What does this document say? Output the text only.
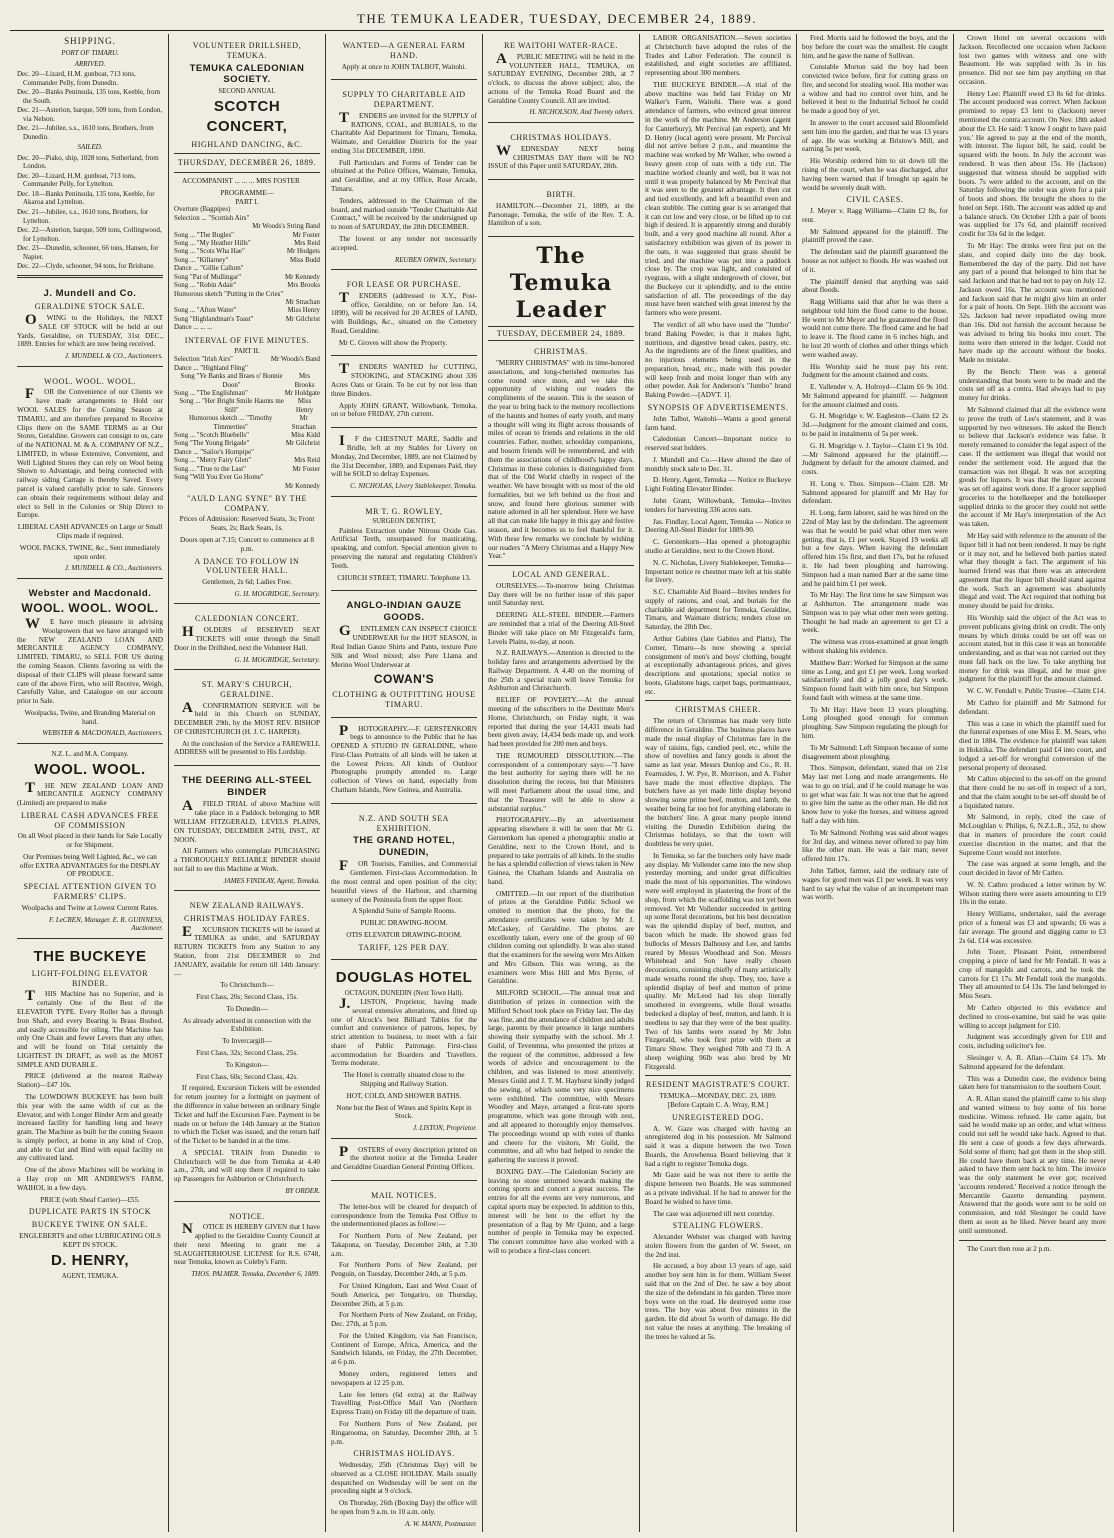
THE TEMUKA LEADER, TUESDAY, DECEMBER 24, 1889.
SHIPPING.
PORT OF TIMARU.
ARRIVED.
Dec. 20—Lizard, H.M. gunboat, 713 tons, Commander Pelly, from Dunedin.
Dec. 20—Banks Peninsula, 135 tons, Keeble, from the South.
Dec. 21—Asterion, barque, 509 tons, from London, via Nelson.
Dec. 21—Jubilee, s.s., 1610 tons, Brothers, from Dunedin.
SAILED.
Dec. 20—Piako, ship, 1028 tons, Sutherland, from London.
Dec. 20—Lizard, H.M. gunboat, 713 tons, Commander Pelly, for Lyttelton.
Dec. 18—Banks Peninsula, 135 tons, Keeble, for Akaroa and Lyttelton.
Dec. 21—Jubilee, s.s., 1610 tons, Brothers, for Lyttelton.
Dec. 22—Asterion, barque, 509 tons, Collingwood, for Lyttelton.
Dec. 23—Dunedin, schooner, 66 tons, Hansen, for Napier.
Dec. 22—Clyde, schooner, 94 tons, for Brisbane.
J. Mundell and Co.
GERALDINE STOCK SALE.

OWING to the Holidays, the NEXT SALE OF STOCK will be held at our Yards, Geraldine, on TUESDAY, 31st DEC., 1889. Entries for which are now being received.

J. MUNDELL & CO., Auctioneers.
WOOL. WOOL. WOOL.

FOR the Convenience of our Clients we have made arrangements to Hold our WOOL SALES for the Coming Season at TIMARU, and are therefore prepared to Receive Clips there on the SAME TERMS as at Our Stores, Geraldine. Growers can consign to us, care of the NATIONAL M. & A. COMPANY OF N.Z., LIMITED, in whose Extensive, Convenient, and Well Lighted Stores they can rely on Wool being Shown to Advantage, and being connected with railway siding Cartage is thereby Saved. Every parcel is valued carefully prior to sale. Growers can obtain their requirements without delay and elect to Sell in the Colonies or Ship Direct to Europe.

LIBERAL CASH ADVANCES on Large or Small Clips made if required.

WOOL PACKS, TWINE, &c., Sent immediately upon order.

J. MUNDELL & CO., Auctioneers.
Webster and Macdonald.
WOOL. WOOL. WOOL.

WE have much pleasure in advising Woolgrowers that we have arranged with the NEW ZEALAND LOAN AND MERCANTILE AGENCY COMPANY, LIMITED, TIMARU, to SELL FOR US during the coming Season. Clients favoring us with the disposal of their CLIPS will please forward same care of the above Firm, who will Receive, Weigh, Carefully Value, and Catalogue on our account prior to Sale.

Woolpacks, Twine, and Branding Material on hand.

WEBSTER & MACDONALD, Auctioneers.
N.Z. L. and M.A. Company.
WOOL. WOOL.

THE NEW ZEALAND LOAN AND MERCANTILE AGENCY COMPANY (Limited) are prepared to make

LIBERAL CASH ADVANCES FREE OF COMMISSION

On all Wool placed in their hands for Sale Locally or for Shipment.

Our Premises being Well Lighted, &c., we can offer EXTRA ADVANTAGES for the DISPLAY OF PRODUCE.

SPECIAL ATTENTION GIVEN TO FARMERS' CLIPS.

Woolpacks and Twine at Lowest Current Rates.

F. LeCREN, Manager. E. R. GUINNESS, Auctioneer.
THE BUCKEYE
LIGHT-FOLDING ELEVATOR BINDER.

THIS Machine has no Superior, and is certainly One of the Best of the ELEVATOR TYPE. Every Roller has a through Iron Shaft, and every Bearing is Brass Bushed, and easily accessible for oiling. The Machine has only One Chain and fewer Levers than any other, and will be found on Trial certainly the LIGHTEST IN DRAFT, as well as the MOST SIMPLE AND DURABLE.

PRICE (delivered at the nearest Railway Station)—£47 10s.

The LOWDOWN BUCKEYE has been built this year with the same width of cut as the Elevator, and with Longer Binder Arm and greatly increased facility for handling long and heavy grain. The Machine as built for the coming Season is simply perfect, at home in any kind of Crop, and able to Cut and Bind with equal facility on any cultivated land.

One of the above Machines will be working in a Hay crop on MR ANDREWS'S FARM, WAIHOI, in a few days.

PRICE (with Sheaf Carrier)—£55.

DUPLICATE PARTS IN STOCK
BUCKEYE TWINE ON SALE.

ENGLEBERTS and other LUBRICATING OILS KEPT IN STOCK.

D. HENRY,
AGENT, TEMUKA.
VOLUNTEER DRILLSHED, TEMUKA.
TEMUKA CALEDONIAN SOCIETY.
SECOND ANNUAL
SCOTCH
CONCERT,
HIGHLAND DANCING, &C.
THURSDAY, DECEMBER 26, 1889.

ACCOMPANIST ... ... ... MRS FOSTER

PROGRAMME—
PART I.
Overture (Bagpipes)
Selection ... "Scottish Airs"
Mr Woods's String Band
Song ... "The Bugles"	Mr Foster
Song ... "My Heather Hills"	Mrs Reid
Song ... "Scots Wha Hae"	Mr Hodgets
Song ... "Killarney"	Miss Budd
Dance ... "Gillie Callum"
Song "Pat of Mullingar"	Mr Kennedy
Song ... "Robin Adair"	Mrs Brooks
Humorous sketch "Putting in the Cries"
Mr Strachan
Song ... "Afton Water"	Miss Henry
Song "Highlandman's Toast"	Mr Gilchrist
Dance ... ... ...
INTERVAL OF FIVE MINUTES.
PART II.
Selection "Irish Airs"	Mr Woods's Band
Dance ... "Highland Fling"
Song "Ye Banks and Braes o' Bonnie Doon"
Mrs Brooks
Song ... "The Englishman"	Mr Holdgate
Song ... "Her Bright Smile Haunts me Still"
Miss Henry
Humorous sketch ... "Timothy Timmerties"
Mr Strachan
Song ... "Scotch Bluebells"	Miss Kidd
Song "The Young Brigade"	Mr Gilchrist
Dance ... "Sailor's Hornpipe"
Song ... "Merry Fairy Glen"	Mrs Reid
Song ... "True to the Last"	Mr Foster
Song "Will You Ever Go Home"
Mr Kennedy
"AULD LANG SYNE" BY THE COMPANY.

Prices of Admission: Reserved Seats, 3s; Front Seats, 2s; Back Seats, 1s.

Doors open at 7.15; Concert to commence at 8 p.m.

A DANCE TO FOLLOW IN VOLUNTEER HALL.

Gentlemen, 2s 6d; Ladies Free.

G. H. MOGRIDGE, Secretary.
CALEDONIAN CONCERT.

HOLDERS of RESERVED SEAT TICKETS will enter through the Small Door in the Drillshed, next the Volunteer Hall.

G. H. MOGRIDGE, Secretary.
ST. MARY'S CHURCH, GERALDINE.

ACONFIRMATION SERVICE will be held in this Church on SUNDAY, DECEMBER 29th, by the MOST REV. BISHOP OF CHRISTCHURCH (H. J. C. HARPER).

At the conclusion of the Service a FAREWELL ADDRESS will be presented to His Lordship.

THE DEERING ALL-STEEL BINDER

AFIELD TRIAL of above Machine will take place in a Paddock belonging to MR WILLIAM FITZGERALD, LEVELS PLAINS, ON TUESDAY, DECEMBER 24TH, INST., AT NOON.

All Farmers who contemplate PURCHASING a THOROUGHLY RELIABLE BINDER should not fail to see this Machine at Work.

JAMES FINDLAY, Agent, Temuka.
NEW ZEALAND RAILWAYS.
CHRISTMAS HOLIDAY FARES.

EXCURSION TICKETS will be issued at TEMUKA as under, and SATURDAY RETURN TICKETS from any Station to any Station, from 21st DECEMBER to 2nd JANUARY, available for return till 14th January:—

To Christchurch—

First Class, 20s; Second Class, 15s.

To Dunedin—

As already advertised in connection with the Exhibition.

To Invercargill—

First Class, 32s; Second Class, 25s.

To Kingston—

First Class, 60s; Second Class, 42s.

If required, Excursion Tickets will be extended for return journey for a fortnight on payment of the difference in value between an ordinary Single Ticket and half the Excursion Fare. Payment to be made on or before the 14th January at the Station to which the Ticket was issued, and the return half of the Ticket to be handed in at the time.

A SPECIAL TRAIN from Dunedin to Christchurch will be due from Temuka at 4.40 a.m., 27th, and will stop there if required to take up Passengers for Ashburton or Christchurch.

BY ORDER.
NOTICE.

NOTICE IS HEREBY GIVEN that I have applied to the Geraldine County Council at their next Meeting to grant me a SLAUGHTERHOUSE LICENSE for R.S. 6748, near Temuka, known as Coleby's Farm.

THOS. PALMER. Temuka, December 6, 1889.
WANTED—A GENERAL FARM HAND.

Apply at once to JOHN TALBOT, Waitohi.

SUPPLY TO CHARITABLE AID DEPARTMENT.

TENDERS are invited for the SUPPLY of RATIONS, COAL, and BURIALS, to the Charitable Aid Department for Timaru, Temuka, Waimate, and Geraldine Districts for the year ending 31st DECEMBER, 1890.

Full Particulars and Forms of Tender can be obtained at the Police Offices, Waimate, Temuka, and Geraldine, and at my Office, Rose Arcade, Timaru.

Tenders, addressed to the Chairman of the board, and marked outside "Tender Charitable Aid Contract," will be received by the undersigned up to noon of SATURDAY, the 28th DECEMBER.

The lowest or any tender not necessarily accepted.

REUBEN ORWIN, Secretary.
FOR LEASE OR PURCHASE.

TENDERS (addressed to X.Y., Post-office, Geraldine, on or before Jan. 14, 1890), will be received for 20 ACRES of LAND, with Buildings, &c., situated on the Cemetery Road, Geraldine.

Mr C. Groves will show the Property.

TENDERS WANTED for CUTTING, STOOKING, and STACKING about 336 Acres Oats or Grain. To be cut by not less than three Binders.

Apply JOHN GRANT, Willowbank, Temuka, on or before FRIDAY, 27th current.

IF the CHESTNUT MARE, Saddle and Bridle, left at my Stables for Livery on Monday, 2nd December, 1889, are not Claimed by the 31st December, 1889, and Expenses Paid, they will be SOLD to defray Expenses.

C. NICHOLAS, Livery Stablekeeper, Temuka.
MR T. G. ROWLEY,
SURGEON DENTIST,

Painless Extraction under Nitrous Oxide Gas. Artificial Teeth, unsurpassed for masticating, speaking, and comfort. Special attention given to preserving the natural and regulating Children's Teeth.

CHURCH STREET, TIMARU. Telephone 13.

ANGLO-INDIAN GAUZE GOODS.

GENTLEMEN CAN INSPECT CHOICE UNDERWEAR for the HOT SEASON, in Real Indian Gauze Shirts and Pants, texture Pure Silk and Wool mixed; also Pure Llama and Merino Wool Underwear at

COWAN'S
CLOTHING & OUTFITTING HOUSE TIMARU.

PHOTOGRAPHY.—F. GERSTENKORN begs to announce to the Public that he has OPENED A STUDIO IN GERALDINE, where First-Class Portraits of all kinds will be taken at the Lowest Prices. All kinds of Outdoor Photographs promptly attended to. Large collection of Views on hand, especially from Chatham Islands, New Guinea, and Australia.

N.Z. AND SOUTH SEA EXHIBITION.
THE GRAND HOTEL, DUNEDIN,

FOR Tourists, Families, and Commercial Gentlemen. First-class Accommodation. In the most central and open position of the city; beautiful views of the Harbour, and charming scenery of the Peninsula from the upper floor.

A Splendid Suite of Sample Rooms.

PUBLIC DRAWING-ROOM.

OTIS ELEVATOR DRAWING-ROOM.

TARIFF, 12S PER DAY.
DOUGLAS HOTEL
OCTAGON, DUNEDIN (Next Town Hall).

J.LISTON, Proprietor, having made several extensive alterations, and fitted up one of Alcock's best Billiard Tables for the comfort and convenience of patrons, hopes, by strict attention to business, to meet with a fair share of Public Patronage. First-class accommodation for Boarders and Travellers. Terms moderate.

The Hotel is centrally situated close to the Shipping and Railway Station.

HOT, COLD, AND SHOWER BATHS.

None but the Best of Wines and Spirits Kept in Stock.

J. LISTON, Proprietor.

POSTERS of every description printed on the shortest notice at the Temuka Leader and Geraldine Guardian General Printing Offices.

MAIL NOTICES.

The letter-box will be cleared for despatch of correspondence from the Temuka Post Office to the undermentioned places as follow:—

For Northern Ports of New Zealand, per Takapuna, on Tuesday, December 24th, at 7.30 a.m.

For Northern Ports of New Zealand, per Penguin, on Tuesday, December 24th, at 5 p.m.

For United Kingdom, East and West Coast of South America, per Tongariro, on Thursday, December 26th, at 5 p.m.

For Northern Ports of New Zealand, on Friday, Dec. 27th, at 5 p.m.

For the United Kingdom, via San Francisco, Continent of Europe, Africa, America, and the Sandwich Islands, on Friday, the 27th December, at 6 p.m.

Money orders, registered letters and newspapers at 12 25 p.m.

Late fee letters (6d extra) at the Railway Travelling Post-Office Mail Van (Northern Express Train) on Friday till the departure of train.

For Northern Ports of New Zealand, per Ringarooma, on Saturday, December 28th, at 5 p.m.

CHRISTMAS HOLIDAYS.

Wednesday, 25th (Christmas Day) will be observed as a CLOSE HOLIDAY. Mails usually despatched on Wednesday will be sent on the preceding night at 9 o'clock.

On Thursday, 26th (Boxing Day) the office will be open from 9 a.m. to 10 a.m. only.

A. W. MANN, Postmaster.
RE WAITOHI WATER-RACE.

APUBLIC MEETING will be held in the VOLUNTEER HALL, TEMUKA, on SATURDAY EVENING, December 28th, at 7 o'clock, to discuss the above subject; also, the actions of the Temuka Road Board and the Geraldine County Council. All are invited.

H. NICHOLSON, And Twenty others.
CHRISTMAS HOLIDAYS.

WEDNESDAY NEXT being CHRISTMAS DAY there will be NO ISSUE of this Paper until SATURDAY, 28th.

BIRTH.

HAMILTON.—December 21, 1889, at the Parsonage, Temuka, the wife of the Rev. T. A. Hamilton of a son.

The Temuka Leader
TUESDAY, DECEMBER 24, 1889.
CHRISTMAS.

"MERRY CHRISTMAS" with its time-honored associations, and long-cherished memories has come round once more, and we take this opportunity of wishing our readers the compliments of the season. This is the season of the year to bring back to the memory recollections of the haunts and homes of early youth, and many a thought will wing its flight across thousands of miles of ocean to friends and relations in the old countries. Father, mother, schoolday companions, and bosom friends will be remembered, and with them the associations of childhood's happy days. Christmas in these colonies is distinguished from that of the Old World chiefly in respect of the weather. We have brought with us most of the old formalities, but we left behind us the frost and snow, and found here glorious summer with nature adorned in all her splendour. Here we have all that can make life happy in this gay and festive season, and it becomes us to feel thankful for it. With these few remarks we conclude by wishing our readers "A Merry Christmas and a Happy New Year."

LOCAL AND GENERAL.

OURSELVES.—To-morrow being Christmas Day there will be no further issue of this paper until Saturday next.

DEERING ALL-STEEL BINDER.—Farmers are reminded that a trial of the Deering All-Steel Binder will take place on Mr Fitzgerald's farm, Levels Plains, to-day, at noon.

N.Z. RAILWAYS.—Attention is directed to the holiday fares and arrangements advertised by the Railway Department. A 4.40 on the morning of the 25th a special train will leave Temuka for Ashburton and Christchurch.

RELIEF OF POVERTY.—At the annual meeting of the subscribers to the Destitute Men's Home, Christchurch, on Friday night, it was reported that during the year 14,431 meals had been given away, 14,434 beds made up, and work had been provided for 200 men and boys.

THE RUMOURED DISSOLUTION.—The correspondent of a contemporary says:—"I have the best authority for saying there will be no dissolution during the recess, but that Ministers will meet Parliament about the usual time, and that the Treasurer will be able to show a substantial surplus."

PHOTOGRAPHY.—By an advertisement appearing elsewhere it will be seen that Mr G. Gerstenkorn has opened a photographic studio at Geraldine, next to the Crown Hotel, and is prepared to take portraits of all kinds. In the studio he has a splendid collection of views taken in New Guinea, the Chatham Islands and Australia on hand.

OMITTED.—In our report of the distribution of prizes at the Geraldine Public School we omitted to mention that the photo, for the attendance certificates were taken by Mr J. McCaskey, of Geraldine. The photos. are excellently taken, every one of the group of 60 children coming out splendidly. It was also stated that the examiners for the sewing were Mrs Aitken and Mrs Gibson. This was wrong, as the examiners were Miss Hill and Mrs Byrne, of Geraldine.

MILFORD SCHOOL.—The annual treat and distribution of prizes in connection with the Milford School took place on Friday last. The day was fine, and the attendance of children and adults large, parents by their presence in large numbers showing their sympathy with the school. Mr J. Guild, of Tevenmna, who presented the prizes at the request of the committee, addressed a few words of advice and encouragement to the children, and was listened to most attentively. Messrs Guild and J. T. M. Hayhurst kindly judged the sewing, of which some very nice specimens were exhibited. The committee, with Messrs Woodley and Maye, arranged a first-rate sports programme, which was gone through with zest, and all appeared to thoroughly enjoy themselves. The proceedings wound up with votes of thanks and cheers for the visitors, Mr Guild, the committee, and all who had helped to render the gathering the success it proved.

BOXING DAY.—The Caledonian Society are leaving no stone unturned towards making the coming sports and concert a great success. The entries for all the events are very numerous, and capital sports may be expected. In addition to this, interest will be lent to the effort by the presentation of a flag by Mr Quinn, and a large number of people in Temuka may be expected. The concert committee have also worked with a will to produce a first-class concert.

LABOR ORGANISATION.—Seven societies at Christchurch have adopted the rules of the Trades and Labor Federation. The council is established, and eight societies are affiliated, representing about 300 members.

THE BUCKEYE BINDER.—A trial of the above machine was held last Friday on Mr Walker's Farm, Waitohi. There was a good attendance of farmers, who evinced great interest in the work of the machine. Mr Anderson (agent for Canterbury), Mr Percival (an expert), and Mr D. Henry (local agent) were present. Mr Percival did not arrive before 2 p.m., and meantime the machine was worked by Mr Walker, who owned a heavy green crop of oats with a tidy cut. The machine worked cleanly and well, but it was not until it was properly balanced by Mr Percival that it was seen to the greatest advantage. It then cut and tied excellently, and left a beautiful even and clean stubble. The cutting gear is so arranged that it can cut low and very close, or be lifted up to cut high if desired. It is apparently strong and durably built, and a very good machine all round. After a satisfactory exhibition was given of its power in the oats, it was suggested that grass should be tried, and the machine was put into a paddock close by. The crop was light, and consisted of ryegrass, with a slight undergrowth of clover, but the Buckeye cut it splendidly, and to the entire satisfaction of all. The proceedings of the day must have been watched with great interest by the farmers who were present.

The verdict of all who have used the "Jumbo" brand Baking Powder, is that it makes light, nutritious, and digestive bread cakes, pastry, etc. As the ingredients are of the finest qualities, and no injurious elements being used in the preparation, bread, etc., made with this powder will keep fresh and moist longer than with any other powder. Ask for Anderson's "Jumbo" brand Baking Powder.—[ADVT. 1].

SYNOPSIS OF ADVERTISEMENTS.

John Talbot, Waitohi—Wants a good general farm hand.

Caledonian Concert—Important notice to reserved seat holders.

J. Mundell and Co.—Have altered the date of monthly stock sale to Dec. 31.

D. Henry, Agent, Temuka — Notice re Buckeye Light Folding Elevator Binder.

John Grant, Willowbank, Temuka—Invites tenders for harvesting 336 acres oats.

Jas. Findlay, Local Agent, Temuka — Notice re Deering All-Steel Binder for 1889-90.

C. Gerstenkorn—Has opened a photographic studio at Geraldine, next to the Crown Hotel.

N. C. Nicholas, Livery Stablekeeper, Temuka—Important notice re chestnut mare left at his stable for livery.

S.C. Charitable Aid Board—Invites tenders for supply of rations, and coal, and burials for the charitable aid department for Temuka, Geraldine, Timaru, and Waimate districts; tenders close on Saturday, the 28th Dec.

Arthur Gabites (late Gabites and Platts), The Corner, Timaru—Is now showing a special consignment of men's and boys' clothing, bought at exceptionally advantageous prices, and gives descriptions and quotations; special notice re boots, Gladstone bags, carpet bags, portmanteaux, etc.

CHRISTMAS CHEER.

The return of Christmas has made very little difference in Geraldine. The business places have made the usual display of Christmas fare in the way of raisins, figs, candied peel, etc., while the show of novelties and fancy goods is about the same as last year. Messrs Dunlop and Co., R. H. Fearnsides, J. W. Pye, R. Morrison, and A. Fisher have made the most effective displays. The butchers have as yet made little display beyond showing some prime beef, mutton, and lamb, the weather being far too hot for anything elaborate in the butchers' line. A great many people intend visiting the Dunedin Exhibition during the Christmas holidays, so that the town will doubtless be very quiet.

In Temuka, so far the butchers only have made any display. Mr Vollender came into the new shop yesterday morning, and under great difficulties made the most of his opportunities. The windows were well employed in plastering the front of the shop, from which the scaffolding was not yet been removed. Yet Mr Vollender succeeded in getting up some floral decorations, but his best decoration was the splendid display of beef, mutton, and bacon which he made. He showed grass fed bullocks of Messrs Dalhousy and Lee, and lambs reared by Messrs Woodhead and Son. Messrs Whitehead and Son have really chosen decorations, consisting chiefly of many artistically made wreaths round the shop. They, too, have a splendid display of beef and mutton of prime quality. Mr McLeod had his shop literally smothered in evergreens, while floral wreaths bedecked a display of beef, mutton, and lamb. It is needless to say that they were of the best quality. Two of his lambs were reared by Mr John Fitzgerald, who took first prize with them at Timaru Show. They weighed 70lb and 73 lb. A sheep weighing 96lb was also bred by Mr Fitzgerald.

RESIDENT MAGISTRATE'S COURT.
TEMUKA—MONDAY, DEC. 23, 1889.
[Before Captain C. A. Wray, R.M.]
UNREGISTERED DOG.

A. W. Gaze was charged with having an unregistered dog in his possession. Mr Salmond said it was a dispute between the two Town Boards, the Arowhenua Board believing that it had a right to register Temuka dogs.

Mr Gaze said he was not there to settle the dispute between two Boards. He was summoned as a private individual. If he had to answer for the Board he wished to have time.

The case was adjourned till next courtday.

STEALING FLOWERS.

Alexander Webster was charged with having stolen flowers from the garden of W. Sweet, on the 2nd inst.

He accused, a boy about 13 years of age, said another boy sent him in for them. William Sweet said that on the 2nd of Dec. he saw a boy about the size of the defendant in his garden. Three more boys were on the road. He destroyed some rose trees. The boy was about five minutes in the garden. He did about 5s worth of damage. He did not value the roses at anything. The breaking of the trees he valued at 5s.

Fred. Morris said he followed the boys, and the boy before the court was the smallest. He caught him, and he gave the name of Sullivan.

Constable Morton said the boy had been convicted twice before, first for cutting grass on fire, and second for stealing wool. His mother was a widow and had no control over him, and he believed it best to the Industrial School he could be made a good boy of yet.

In answer to the court accused said Bloomfield sent him into the garden, and that he was 13 years of age. He was working at Bristow's Mill, and earning 5s per week.

His Worship ordered him to sit down till the rising of the court, when he was discharged, after having been warned that if brought up again he would be severely dealt with.

CIVIL CASES.

J. Meyer v. Ragg Williams—Claim £2 8s, for rent.

Mr Salmond appeared for the plaintiff. The plaintiff proved the case.

The defendant said the plaintiff guaranteed the house as not subject to floods. He was washed out of it.

The plaintiff denied that anything was said about floods.

Ragg Williams said that after he was there a neighbour told him the flood came to the house. He went to Mr Meyer and he guaranteed the flood would not come there. The flood came and he had to leave it. The flood came in 6 inches high, and he lost 20 worth of clothes and other things which were washed away.

His Worship said he must pay his rent. Judgment for the amount claimed and costs.

E. Vallender v. A. Holroyd—Claim £6 9s 10d. Mr Salmond appeared for plaintiff. — Judgment for the amount claimed and costs.

G. H. Mogridge v. W. Eagleston—Claim £2 2s 3d.—Judgment for the amount claimed and costs, to be paid in instalments of 5s per week.

G. H. Mogridge v. J. Taylor—Claim £1 9s 10d.—Mr Salmond appeared for the plaintiff.—Judgment by default for the amount claimed, and costs.

H. Long v. Thos. Simpson—Claim £28. Mr Salmond appeared for plaintiff and Mr Hay for defendant.

H. Long, farm laborer, said he was hired on the 22nd of May last by the defendant. The agreement was that he would be paid what other men were getting, that is, £1 per week. Stayed 19 weeks all but a few days. When leaving the defendant offered him 15s first, and then 17s, but he refused it. He had been ploughing and harrowing. Simpson had a man named Barr at the same time and he paid him £1 per week.

To Mr Hay: The first time he saw Simpson was at Ashburton. The arrangement made was Simpson was to pay what other men were getting. Thought he had made an agreement to get £1 a week.

The witness was cross-examined at great length without shaking his evidence.

Matthew Barr: Worked for Simpson at the same time as Long, and got £1 per week. Long worked satisfactorily and did a jolly good day's work. Simpson found fault with him once, but Simpson found fault with witness at the same time.

To Mr Hay: Have been 13 years ploughing. Long ploughed good enough for common ploughing. Saw Simpson regulating the plough for him.

To Mr Salmond: Left Simpson because of some disagreement about ploughing.

Thos. Simpson, defendant, stated that on 21st May last met Long and made arrangements. He was to go on trial, and if he could manage he was to get what was fair. It was not true that he agreed to give him the same as the other man. He did not know how to yoke the horses, and witness agreed half a day with him.

To Mr Salmond: Nothing was said about wages for 3rd day, and witness never offered to pay him like the other man. He was a fair man; never offered him 17s.

John Talbot, farmer, said the ordinary rate of wages for good men was £1 per week. It was very hard to say what the value of an incompetent man was worth.

Crown Hotel on several occasions with Jackson. Recollected one occasion when Jackson lost two games with witness and one with Beaumont. He was supplied with 3s in his presence. Did not see him pay anything on that occasion.

Henry Lee: Plaintiff owed £3 8s 6d for drinks. The account produced was correct. When Jackson promised to repay £3 lent to (Jackson) never mentioned the contra account. On Nov. 18th asked about the £3. He said: 'I know I ought to have paid you.' He agreed to pay at the end of the month, with interest. The liquor bill, he said, could be squared with the boots. In July the account was rendered. It was then about 15s. He (Jackson) suggested that witness should be supplied with boots. 7s were added to the account, and on the Saturday following the order was given for a pair of boots and shoes. He brought the shoes to the hotel on Sept. 16th. The account was added up and a balance struck. On October 12th a pair of boots was supplied for 17s 6d, and plaintiff received credit for 33s 6d in the ledger.

To Mr Hay: The drinks were first put on the slate, and copied daily into the day book. Remembered the day of the party. Did not have any part of a pound that belonged to him that he said Jackson and that he had not to pay on July 12. Jackson owed 16s. The account was mentioned and Jackson said that he might give him an order for a pair of boots. On Sept. 16th the account was 32s. Jackson had never repudiated owing more than 16s. Did not furnish the account because he was advised to bring his books into court. The items were then entered in the ledger. Could not have made up the account without the books. Made no mistake.

By the Bench: There was a general understanding that boots were to be made and the costs set off as a contra. Had always had to pay money for drinks.

Mr Salmond claimed that all the evidence went to prove the truth of Lee's statement, and it was supported by two witnesses. He asked the Bench to believe that Jackson's evidence was false. It merely remained to consider the legal aspect of the case. If the settlement was illegal that would not render the settlement void. He argued that the transaction was not illegal. It was not accepting goods for liquors. It was that the liquor account was set off against work done. If a grocer supplied groceries to the hotelkeeper and the hotelkeeper supplied drinks to the grocer they could not settle the account if Mr Hay's interpretation of the Act was taken.

Mr Hay said with reference to the amount of the liquor bill it had not been rendered. It may be right or it may not, and he believed both parties stated what they thought a fact. The argument of his learned friend was that there was an antecedent agreement that the liquor bill should stand against the work. Such an agreement was absolutely illegal and void. The Act required that nothing but money should be paid for drinks.

His Worship said the object of the Act was to prevent publicans giving drink on credit. The only means by which drinks could be set off was on account stated, but in this case it was an honorable understanding, and as that was not carried out they must fall back on the law. To take anything but money for drink was illegal, and he must give judgment for the plaintiff for the amount claimed.

W. C. W. Fendall v. Public Trustee—Claim £14.

Mr Cathro for plaintiff and Mr Salmond for defendant.

This was a case in which the plaintiff sued for the funeral expenses of one Miss E. M. Sears, who died in 1884. The evidence for plaintiff was taken in Hokitika. The defendant paid £4 into court, and lodged a set-off for wrongful conversion of the personal property of deceased.

Mr Cathro objected to the set-off on the ground that there could be no set-off in respect of a tort, and that the claim sought to be set-off should be of a liquidated nature.

Mr Salmond, in reply, cited the case of McLoughlan v. Philips, 6, N.Z.L.R., 352, to show that in matters of procedure the court could exercise discretion in the matter, and that the Supreme Court would not interfere.

The case was argued at some length, and the court decided in favor of Mr Cathro.

W. N. Cathro produced a letter written by W. Wilson stating there were assets amounting to £19 10s in the estate.

Henry Williams, undertaker, said the average price of a funeral was £3 and upwards; £6 was a fair average. The ground and digging came to £3 2s 6d. £14 was excessive.

John Tozer, Pleasant Point, remembered cropping a piece of land for Mr Fendall. It was a crop of mangolds and carrots, and he took the carrots for £1 17s. Mr Fendall took the mangolds. They all amounted to £4 13s. The land belonged to Miss Sears.

Mr Cathro objected to this evidence and declined to cross-examine, but said he was quite willing to accept judgment for £10.

Judgment was accordingly given for £10 and costs, including solicitor's fee.

Slesinger v. A. R. Allan—Claim £4 17s. Mr Salmond appeared for the defendant.

This was a Dunedin case, the evidence being taken here for transmission to the southern Court.

A. R. Allan stated the plaintiff came to his shop and wanted witness to buy some of his horse medicine. Witness refused. He came again, but said he would make up an order, and what witness could not sell he would take back. Agreed to that. He sent a case of goods a few days afterwards. Sold some of them; had got them in the shop still. He could have them back at any time. He never asked to have them sent back to him. The invoice was the only statement he ever got; received 'accounts rendered.' Received a notice through the Mercantile Gazette demanding payment. Answered that the goods were sent to be sold on commission, and told Slesinger he could have them as soon as he liked. Never heard any more until summoned.

The Court then rose at 2 p.m.
